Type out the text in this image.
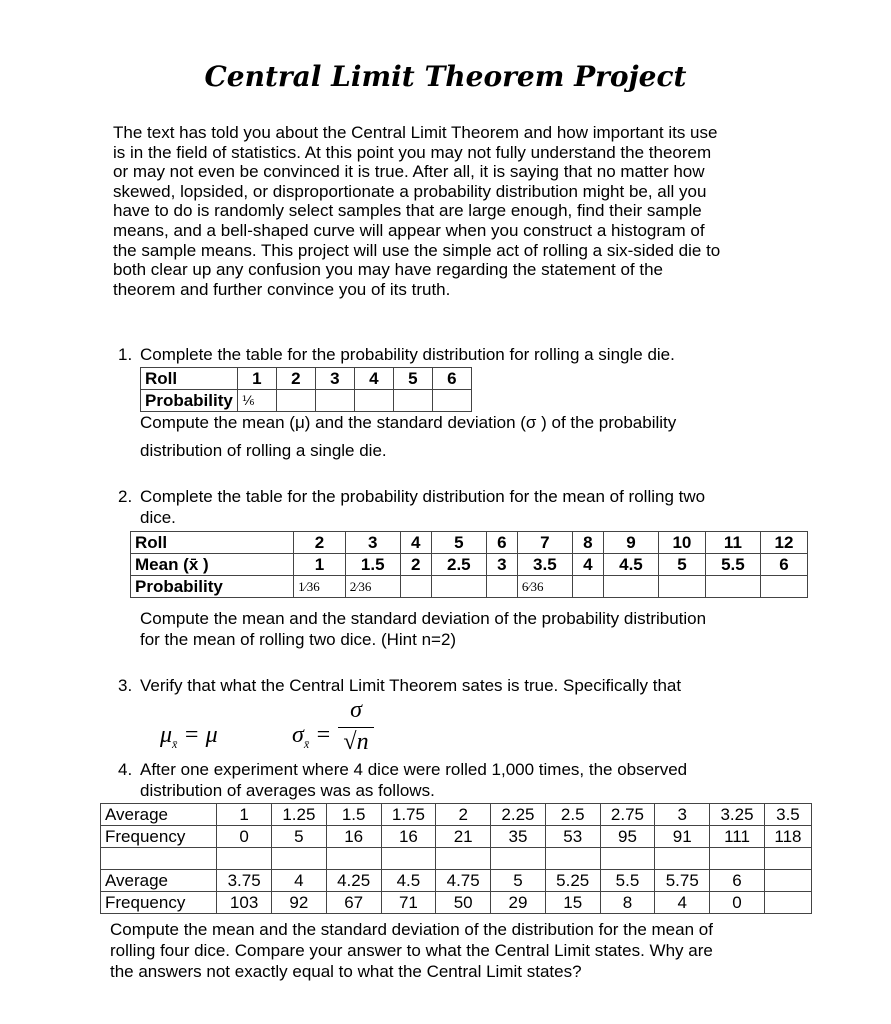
Central Limit Theorem Project
The text has told you about the Central Limit Theorem and how important its use
is in the field of statistics. At this point you may not fully understand the theorem
or may not even be convinced it is true. After all, it is saying that no matter how
skewed, lopsided, or disproportionate a probability distribution might be, all you
have to do is randomly select samples that are large enough, find their sample
means, and a bell-shaped curve will appear when you construct a histogram of
the sample means. This project will use the simple act of rolling a six-sided die to
both clear up any confusion you may have regarding the statement of the
theorem and further convince you of its truth.
1. Complete the table for the probability distribution for rolling a single die.
Roll	1	2	3	4	5	6
Probability	⅙					
Compute the mean (μ) and the standard deviation (σ ) of the probability
distribution of rolling a single die.
2. Complete the table for the probability distribution for the mean of rolling two
dice.
Roll	2	3	4	5	6	7	8	9	10	11	12
Mean (x̄ )	1	1.5	2	2.5	3	3.5	4	4.5	5	5.5	6
Probability	1⁄36	2⁄36				6⁄36					
Compute the mean and the standard deviation of the probability distribution
for the mean of rolling two dice. (Hint n=2)
3. Verify that what the Central Limit Theorem sates is true. Specifically that
$\mu_{x̄} = \mu$	$\sigma_{x̄}$ =
σ
√n
4. After one experiment where 4 dice were rolled 1,000 times, the observed
distribution of averages was as follows.
Average	1	1.25	1.5	1.75	2	2.25	2.5	2.75	3	3.25	3.5
Frequency	0	5	16	16	21	35	53	95	91	111	118

Average	3.75	4	4.25	4.5	4.75	5	5.25	5.5	5.75	6	
Frequency	103	92	67	71	50	29	15	8	4	0	
Compute the mean and the standard deviation of the distribution for the mean of
rolling four dice. Compare your answer to what the Central Limit states. Why are
the answers not exactly equal to what the Central Limit states?
